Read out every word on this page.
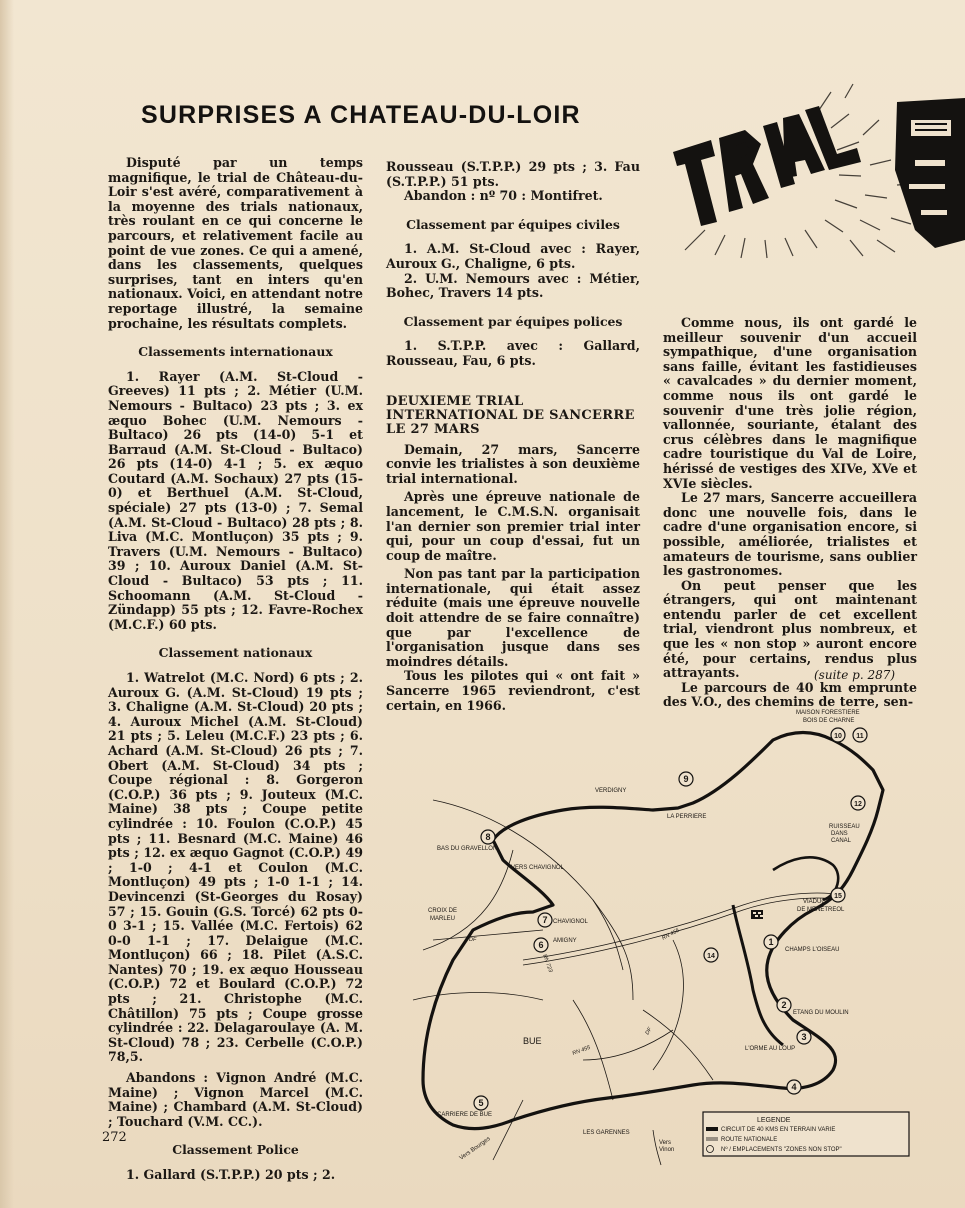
SURPRISES A CHATEAU-DU-LOIR

Disputé par un temps magnifique, le trial de Château-du-Loir s'est avéré, comparativement à la moyenne des trials nationaux, très roulant en ce qui concerne le parcours, et relativement facile au point de vue zones. Ce qui a amené, dans les classements, quelques surprises, tant en inters qu'en nationaux. Voici, en attendant notre reportage illustré, la semaine prochaine, les résultats complets.

Classements internationaux

1. Rayer (A.M. St-Cloud - Greeves) 11 pts ; 2. Métier (U.M. Nemours - Bultaco) 23 pts ; 3. ex æquo Bohec (U.M. Nemours - Bultaco) 26 pts (14-0) 5-1 et Barraud (A.M. St-Cloud - Bultaco) 26 pts (14-0) 4-1 ; 5. ex æquo Coutard (A.M. Sochaux) 27 pts (15-0) et Berthuel (A.M. St-Cloud, spéciale) 27 pts (13-0) ; 7. Semal (A.M. St-Cloud - Bultaco) 28 pts ; 8. Liva (M.C. Montluçon) 35 pts ; 9. Travers (U.M. Nemours - Bultaco) 39 ; 10. Auroux Daniel (A.M. St-Cloud - Bultaco) 53 pts ; 11. Schoomann (A.M. St-Cloud - Zündapp) 55 pts ; 12. Favre-Rochex (M.C.F.) 60 pts.

Classement nationaux

1. Watrelot (M.C. Nord) 6 pts ; 2. Auroux G. (A.M. St-Cloud) 19 pts ; 3. Chaligne (A.M. St-Cloud) 20 pts ; 4. Auroux Michel (A.M. St-Cloud) 21 pts ; 5. Leleu (M.C.F.) 23 pts ; 6. Achard (A.M. St-Cloud) 26 pts ; 7. Obert (A.M. St-Cloud) 34 pts ; Coupe régional : 8. Gorgeron (C.O.P.) 36 pts ; 9. Jouteux (M.C. Maine) 38 pts ; Coupe petite cylindrée : 10. Foulon (C.O.P.) 45 pts ; 11. Besnard (M.C. Maine) 46 pts ; 12. ex æquo Gagnot (C.O.P.) 49 ; 1-0 ; 4-1 et Coulon (M.C. Montluçon) 49 pts ; 1-0 1-1 ; 14. Devincenzi (St-Georges du Rosay) 57 ; 15. Gouin (G.S. Torcé) 62 pts 0-0 3-1 ; 15. Vallée (M.C. Fertois) 62 0-0 1-1 ; 17. Delaigue (M.C. Montluçon) 66 ; 18. Pilet (A.S.C. Nantes) 70 ; 19. ex æquo Housseau (C.O.P.) 72 et Boulard (C.O.P.) 72 pts ; 21. Christophe (M.C. Châtillon) 75 pts ; Coupe grosse cylindrée : 22. Delagaroulaye (A. M. St-Cloud) 78 ; 23. Cerbelle (C.O.P.) 78,5.

Abandons : Vignon André (M.C. Maine) ; Vignon Marcel (M.C. Maine) ; Chambard (A.M. St-Cloud) ; Touchard (V.M. CC.).

Classement Police

1. Gallard (S.T.P.P.) 20 pts ; 2.

Rousseau (S.T.P.P.) 29 pts ; 3. Fau (S.T.P.P.) 51 pts.

Abandon : nº 70 : Montifret.

Classement par équipes civiles

1. A.M. St-Cloud avec : Rayer, Auroux G., Chaligne, 6 pts.

2. U.M. Nemours avec : Métier, Bohec, Travers 14 pts.

Classement par équipes polices

1. S.T.P.P. avec : Gallard, Rousseau, Fau, 6 pts.

DEUXIEME TRIAL INTERNATIONAL DE SANCERRE LE 27 MARS

Demain, 27 mars, Sancerre convie les trialistes à son deuxième trial international.

Après une épreuve nationale de lancement, le C.M.S.N. organisait l'an dernier son premier trial inter qui, pour un coup d'essai, fut un coup de maître.

Non pas tant par la participation internationale, qui était assez réduite (mais une épreuve nouvelle doit attendre de se faire connaître) que par l'excellence de l'organisation jusque dans ses moindres détails.

Tous les pilotes qui « ont fait » Sancerre 1965 reviendront, c'est certain, en 1966.

Comme nous, ils ont gardé le meilleur souvenir d'un accueil sympathique, d'une organisation sans faille, évitant les fastidieuses « cavalcades » du dernier moment, comme nous ils ont gardé le souvenir d'une très jolie région, vallonnée, souriante, étalant des crus célèbres dans le magnifique cadre touristique du Val de Loire, hérissé de vestiges des XIVe, XVe et XVIe siècles.

Le 27 mars, Sancerre accueillera donc une nouvelle fois, dans le cadre d'une organisation encore, si possible, améliorée, trialistes et amateurs de tourisme, sans oublier les gastronomes.

On peut penser que les étrangers, qui ont maintenant entendu parler de cet excellent trial, viendront plus nombreux, et que les « non stop » auront encore été, pour certains, rendus plus attrayants.

Le parcours de 40 km emprunte des V.O., des chemins de terre, sen-

(suite p. 287)
MAISON FORESTIERE
BOIS DE CHARNE
VERDIGNY
LA PERRIERE
BAS DU GRAVELLON
VERS CHAVIGNOL
CROIX DE
MARLEU	CHAVIGNOL
AMIGNY
RUISSEAU
DANS
CANAL
VIADUC
DE MENETREOL
CHAMPS L'OISEAU
ETANG DU MOULIN
L'ORME AU LOUP
BUE
CARRIERE DE BUE
LES GARENNES
Vers Bourges	Vers
Vinon
RN 455
RN 455
RN 723
DF
DF
1
2
3
4
5
6
7
8
9
10 11
12
14
15
LEGENDE
CIRCUIT DE 40 KMS EN TERRAIN VARIE
ROUTE NATIONALE
Nº / EMPLACEMENTS "ZONES NON STOP"
272
